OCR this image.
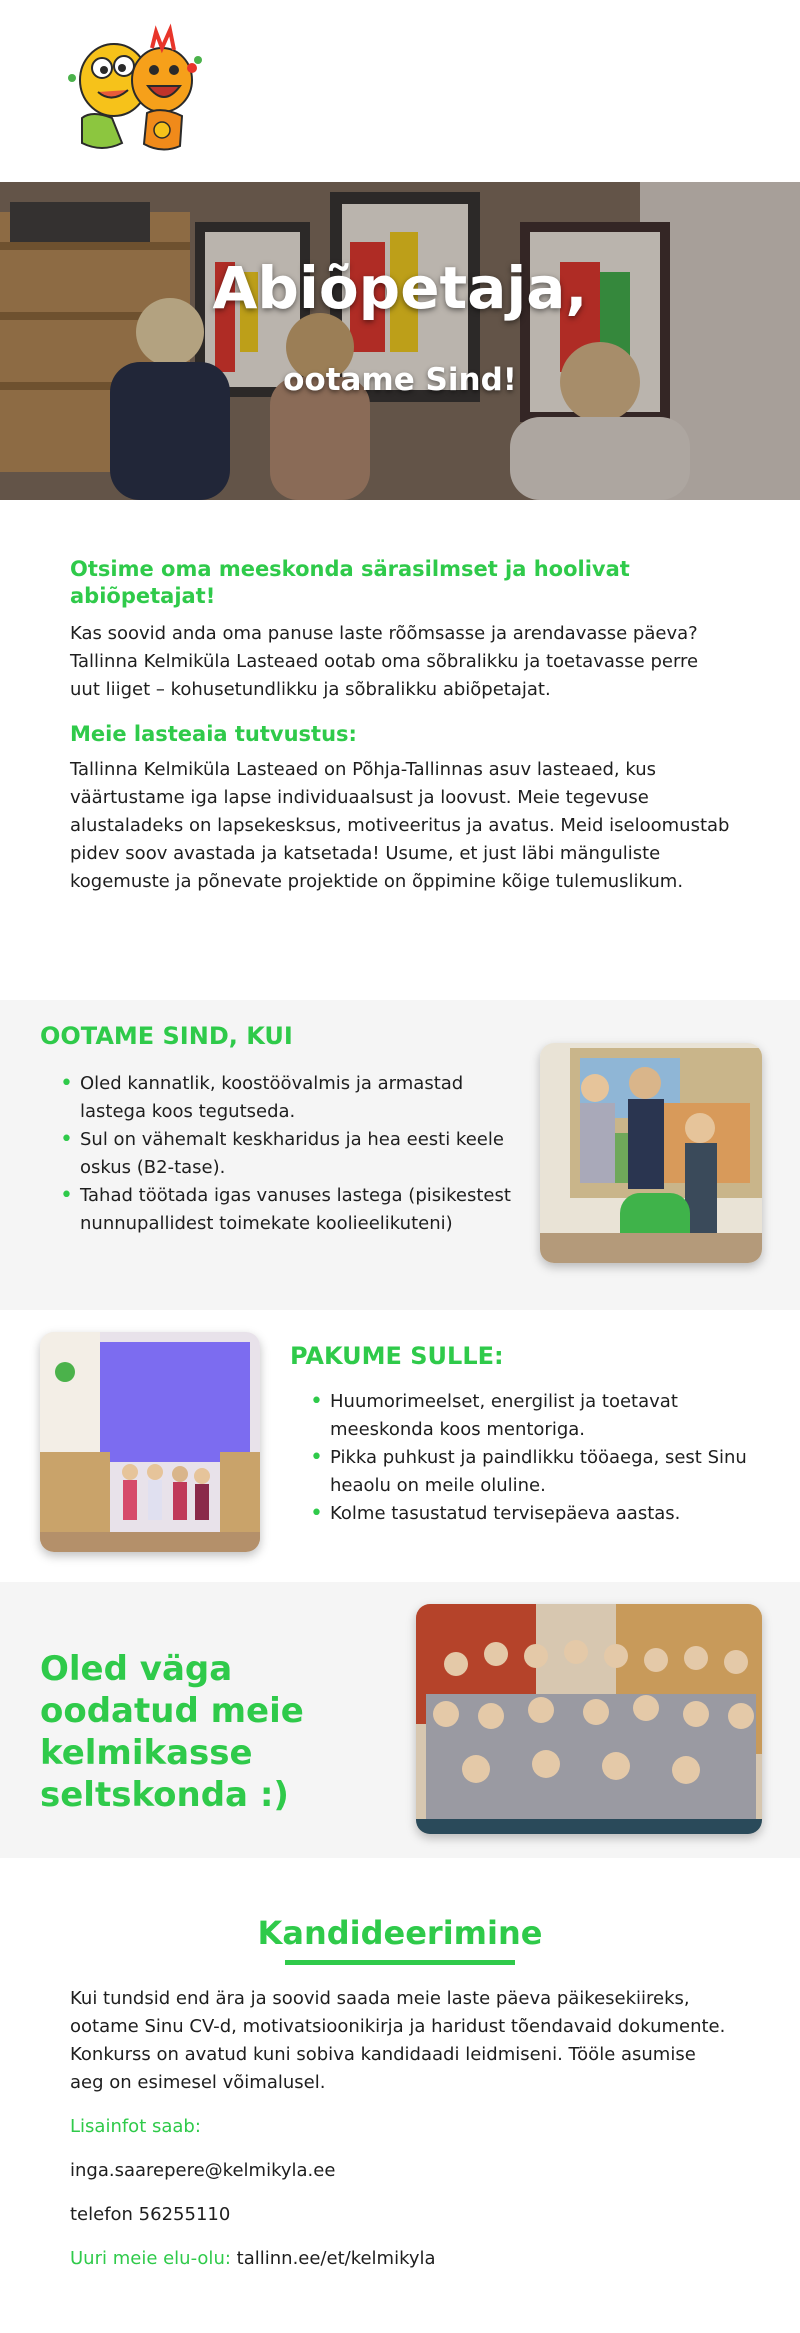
Abiõpetaja,
ootame Sind!
Otsime oma meeskonda särasilmset ja hoolivat abiõpetajat!

Kas soovid anda oma panuse laste rõõmsasse ja arendavasse päeva? Tallinna Kelmiküla Lasteaed ootab oma sõbralikku ja toetavasse perre uut liiget – kohusetundlikku ja sõbralikku abiõpetajat.

Meie lasteaia tutvustus:

Tallinna Kelmiküla Lasteaed on Põhja-Tallinnas asuv lasteaed, kus väärtustame iga lapse individuaalsust ja loovust. Meie tegevuse alustaladeks on lapsekesksus, motiveeritus ja avatus. Meid iseloomustab pidev soov avastada ja katsetada! Usume, et just läbi mänguliste kogemuste ja põnevate projektide on õppimine kõige tulemuslikum.

OOTAME SIND, KUI
• Oled kannatlik, koostöövalmis ja armastad lastega koos tegutseda.
• Sul on vähemalt keskharidus ja hea eesti keele oskus (B2-tase).
• Tahad töötada igas vanuses lastega (pisikestest nunnupallidest toimekate koolieelikuteni)
PAKUME SULLE:
• Huumorimeelset, energilist ja toetavat meeskonda koos mentoriga.
• Pikka puhkust ja paindlikku tööaega, sest Sinu heaolu on meile oluline.
• Kolme tasustatud tervisepäeva aastas.
Oled väga oodatud meie kelmikasse seltskonda :)
Kandideerimine

Kui tundsid end ära ja soovid saada meie laste päeva päikesekiireks, ootame Sinu CV-d, motivatsioonikirja ja haridust tõendavaid dokumente. Konkurss on avatud kuni sobiva kandidaadi leidmiseni. Tööle asumise aeg on esimesel võimalusel.

Lisainfot saab:

inga.saarepere@kelmikyla.ee

telefon 56255110

Uuri meie elu-olu: tallinn.ee/et/kelmikyla
